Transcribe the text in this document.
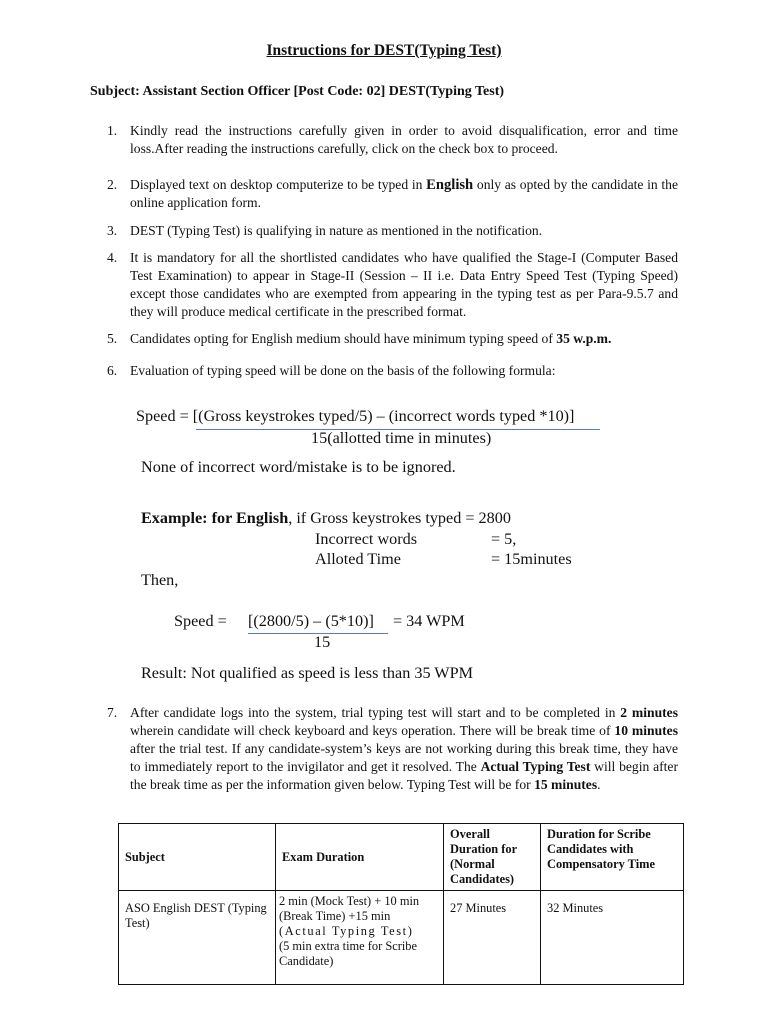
Instructions for DEST(Typing Test)
Subject: Assistant Section Officer [Post Code: 02] DEST(Typing Test)
1. Kindly read the instructions carefully given in order to avoid disqualification, error and time loss.After reading the instructions carefully, click on the check box to proceed.
2. Displayed text on desktop computerize to be typed in English only as opted by the candidate in the online application form.
3. DEST (Typing Test) is qualifying in nature as mentioned in the notification.
4. It is mandatory for all the shortlisted candidates who have qualified the Stage-I (Computer Based Test Examination) to appear in Stage-II (Session – II i.e. Data Entry Speed Test (Typing Speed) except those candidates who are exempted from appearing in the typing test as per Para-9.5.7 and they will produce medical certificate in the prescribed format.
5. Candidates opting for English medium should have minimum typing speed of 35 w.p.m.
6. Evaluation of typing speed will be done on the basis of the following formula:
Speed = [(Gross keystrokes typed/5) – (incorrect words typed *10)]
15(allotted time in minutes)
None of incorrect word/mistake is to be ignored.
Example: for English, if Gross keystrokes typed = 2800
Incorrect words	= 5,
Alloted Time	= 15minutes
Then,
Speed = [(2800/5) – (5*10)] = 34 WPM
15
Result: Not qualified as speed is less than 35 WPM
7. After candidate logs into the system, trial typing test will start and to be completed in 2 minutes wherein candidate will check keyboard and keys operation. There will be break time of 10 minutes after the trial test. If any candidate-system’s keys are not working during this break time, they have to immediately report to the invigilator and get it resolved. The Actual Typing Test will begin after the break time as per the information given below. Typing Test will be for 15 minutes.
Subject	Exam Duration	Overall Duration for (Normal Candidates)	Duration for Scribe Candidates with Compensatory Time
ASO English DEST (Typing Test)	2 min (Mock Test) + 10 min (Break Time) +15 min
(Actual Typing Test)
(5 min extra time for Scribe Candidate)	27 Minutes	32 Minutes
